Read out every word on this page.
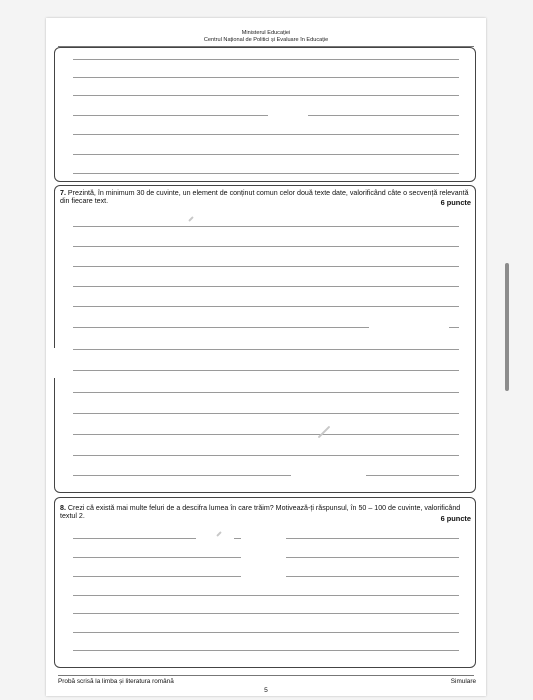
Ministerul Educației
Centrul Național de Politici și Evaluare în Educație
7. Prezintă, în minimum 30 de cuvinte, un element de conținut comun celor două texte date, valorificând câte o secvență relevantă din fiecare text.	6 puncte
8. Crezi că există mai multe feluri de a descifra lumea în care trăim? Motivează-ți răspunsul, în 50 – 100 de cuvinte, valorificând textul 2.	6 puncte
Probă scrisă la limba și literatura română	Simulare
5
